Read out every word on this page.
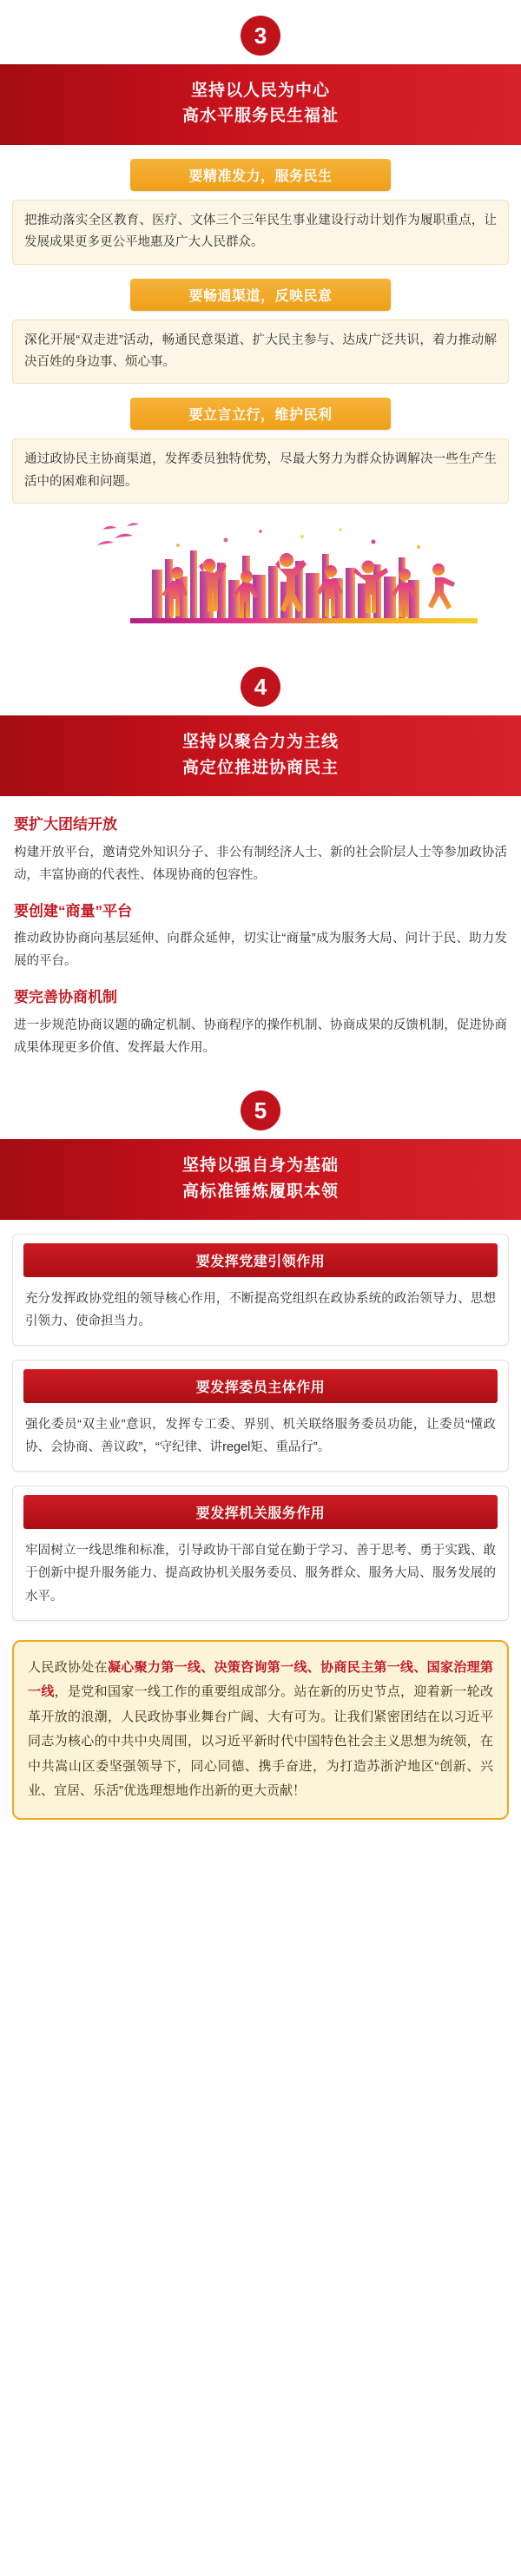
3
坚持以人民为中心
高水平服务民生福祉
要精准发力，服务民生
把推动落实全区教育、医疗、文体三个三年民生事业建设行动计划作为履职重点，让发展成果更多更公平地惠及广大人民群众。
要畅通渠道，反映民意
深化开展“双走进”活动，畅通民意渠道、扩大民主参与、达成广泛共识，着力推动解决百姓的身边事、烦心事。
要立言立行，维护民利
通过政协民主协商渠道，发挥委员独特优势，尽最大努力为群众协调解决一些生产生活中的困难和问题。
4
坚持以聚合力为主线
高定位推进协商民主
要扩大团结开放

构建开放平台，邀请党外知识分子、非公有制经济人士、新的社会阶层人士等参加政协活动，丰富协商的代表性、体现协商的包容性。

要创建“商量”平台

推动政协协商向基层延伸、向群众延伸，切实让“商量”成为服务大局、问计于民、助力发展的平台。

要完善协商机制

进一步规范协商议题的确定机制、协商程序的操作机制、协商成果的反馈机制，促进协商成果体现更多价值、发挥最大作用。

5
坚持以强自身为基础
高标准锤炼履职本领
要发挥党建引领作用
充分发挥政协党组的领导核心作用，不断提高党组织在政协系统的政治领导力、思想引领力、使命担当力。
要发挥委员主体作用
强化委员“双主业”意识，发挥专工委、界别、机关联络服务委员功能，让委员“懂政协、会协商、善议政”，“守纪律、讲regel矩、重品行”。
要发挥机关服务作用
牢固树立一线思维和标准，引导政协干部自觉在勤于学习、善于思考、勇于实践、敢于创新中提升服务能力、提高政协机关服务委员、服务群众、服务大局、服务发展的水平。
人民政协处在凝心聚力第一线、决策咨询第一线、协商民主第一线、国家治理第一线，是党和国家一线工作的重要组成部分。站在新的历史节点，迎着新一轮改革开放的浪潮，人民政协事业舞台广阔、大有可为。让我们紧密团结在以习近平同志为核心的中共中央周围，以习近平新时代中国特色社会主义思想为统领，在中共嵩山区委坚强领导下，同心同德、携手奋进，为打造苏浙沪地区“创新、兴业、宜居、乐活”优选理想地作出新的更大贡献！
